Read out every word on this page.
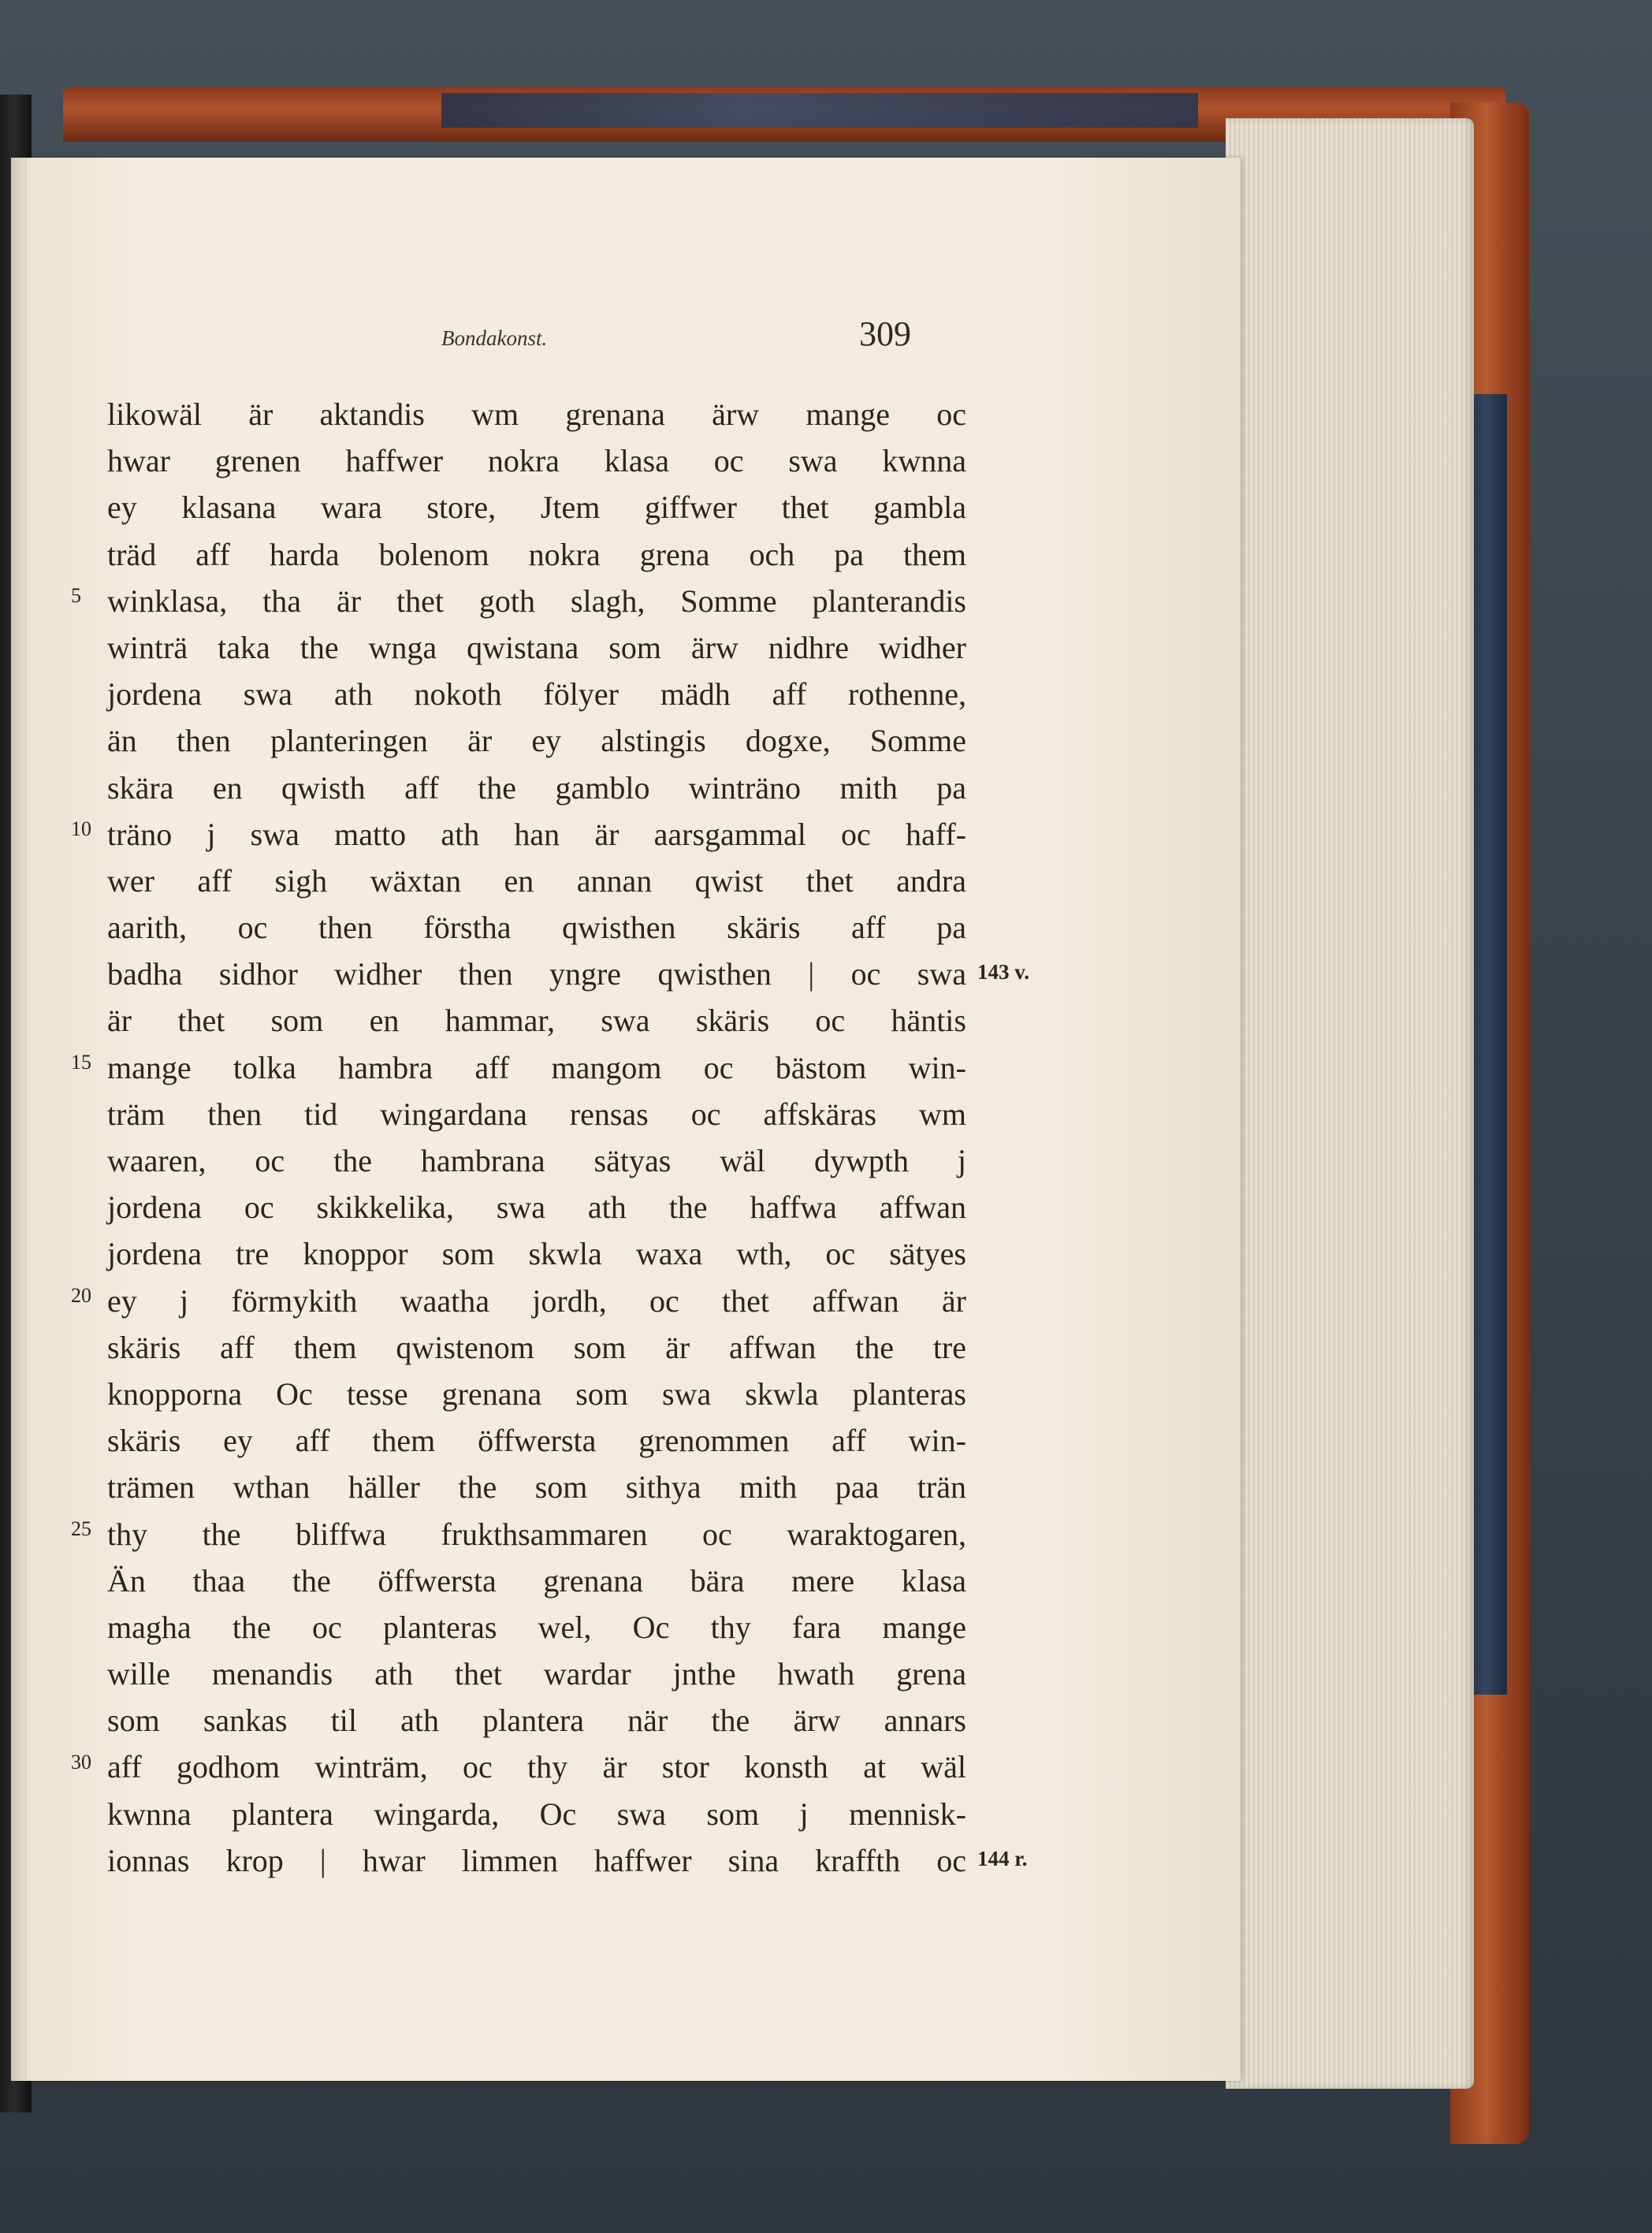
Bondakonst.	309
likowäl är aktandis wm grenana ärw mange oc
hwar grenen haffwer nokra klasa oc swa kwnna
ey klasana wara store, Jtem giffwer thet gambla
träd aff harda bolenom nokra grena och pa them
winklasa, tha är thet goth slagh, Somme planterandis
winträ taka the wnga qwistana som ärw nidhre widher
jordena swa ath nokoth fölyer mädh aff rothenne,
än then planteringen är ey alstingis dogxe, Somme
skära en qwisth aff the gamblo winträno mith pa
träno j swa matto ath han är aarsgammal oc haff-
wer aff sigh wäxtan en annan qwist thet andra
aarith, oc then förstha qwisthen skäris aff pa
badha sidhor widher then yngre qwisthen | oc swa
är thet som en hammar, swa skäris oc häntis
mange tolka hambra aff mangom oc bästom win-
träm then tid wingardana rensas oc affskäras wm
waaren, oc the hambrana sätyas wäl dywpth j
jordena oc skikkelika, swa ath the haffwa affwan
jordena tre knoppor som skwla waxa wth, oc sätyes
ey j förmykith waatha jordh, oc thet affwan är
skäris aff them qwistenom som är affwan the tre
knopporna Oc tesse grenana som swa skwla planteras
skäris ey aff them öffwersta grenommen aff win-
trämen wthan häller the som sithya mith paa trän
thy the bliffwa frukthsammaren oc waraktogaren,
Än thaa the öffwersta grenana bära mere klasa
magha the oc planteras wel, Oc thy fara mange
wille menandis ath thet wardar jnthe hwath grena
som sankas til ath plantera när the ärw annars
aff godhom winträm, oc thy är stor konsth at wäl
kwnna plantera wingarda, Oc swa som j mennisk-
ionnas krop | hwar limmen haffwer sina kraffth oc
5
10
15
20
25
30
143 v.
144 r.
